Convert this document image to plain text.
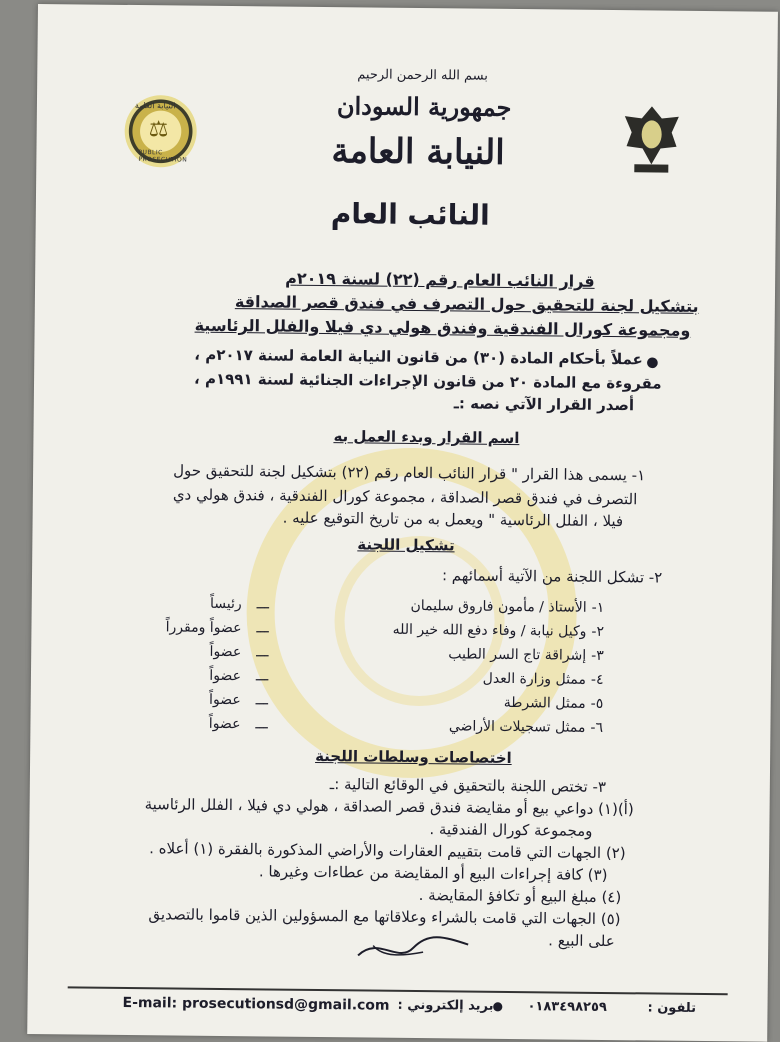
النيابة العامة
⚖
PUBLIC PROSECUTION
بسم الله الرحمن الرحيم
جمهورية السودان
النيابة العامة
النائب العام
قرار النائب العام رقم (٢٢) لسنة ٢٠١٩م
بتشكيل لجنة للتحقيق حول التصرف في فندق قصر الصداقة
ومجموعة كورال الفندقية وفندق هولي دي فيلا والفلل الرئاسية
●
عملاً بأحكام المادة (٣٠) من قانون النيابة العامة لسنة ٢٠١٧م ،
مقروءة مع المادة ٢٠ من قانون الإجراءات الجنائية لسنة ١٩٩١م ،
أصدر القرار الآتي نصه :ـ
اسم القرار وبدء العمل به
١- يسمى هذا القرار " قرار النائب العام رقم (٢٢) بتشكيل لجنة للتحقيق حول
التصرف في فندق قصر الصداقة ، مجموعة كورال الفندقية ، فندق هولي دي
فيلا ، الفلل الرئاسية " ويعمل به من تاريخ التوقيع عليه .
تشكيل اللجنة
٢- تشكل اللجنة من الآتية أسمائهم :
١-
الأستاذ / مأمون فاروق سليمان
ـــ
رئيساً
٢-
وكيل نيابة / وفاء دفع الله خير الله
ـــ
عضواً ومقرراً
٣-
إشراقة تاج السر الطيب
ـــ
عضواً
٤-
ممثل وزارة العدل
ـــ
عضواً
٥-
ممثل الشرطة
ـــ
عضواً
٦-
ممثل تسجيلات الأراضي
ـــ
عضواً
اختصاصات وسلطات اللجنة
٣- تختص اللجنة بالتحقيق في الوقائع التالية :ـ
(أ)(١) دواعي بيع أو مقايضة فندق قصر الصداقة ، هولي دي فيلا ، الفلل الرئاسية
ومجموعة كورال الفندقية .
(٢) الجهات التي قامت بتقييم العقارات والأراضي المذكورة بالفقرة (١) أعلاه .
(٣) كافة إجراءات البيع أو المقايضة من عطاءات وغيرها .
(٤) مبلغ البيع أو تكافؤ المقايضة .
(٥) الجهات التي قامت بالشراء وعلاقاتها مع المسؤولين الذين قاموا بالتصديق
على البيع .
تلفون :
٠١٨٣٤٩٨٢٥٩
●
بريد إلكتروني :
E-mail: prosecutionsd@gmail.com
